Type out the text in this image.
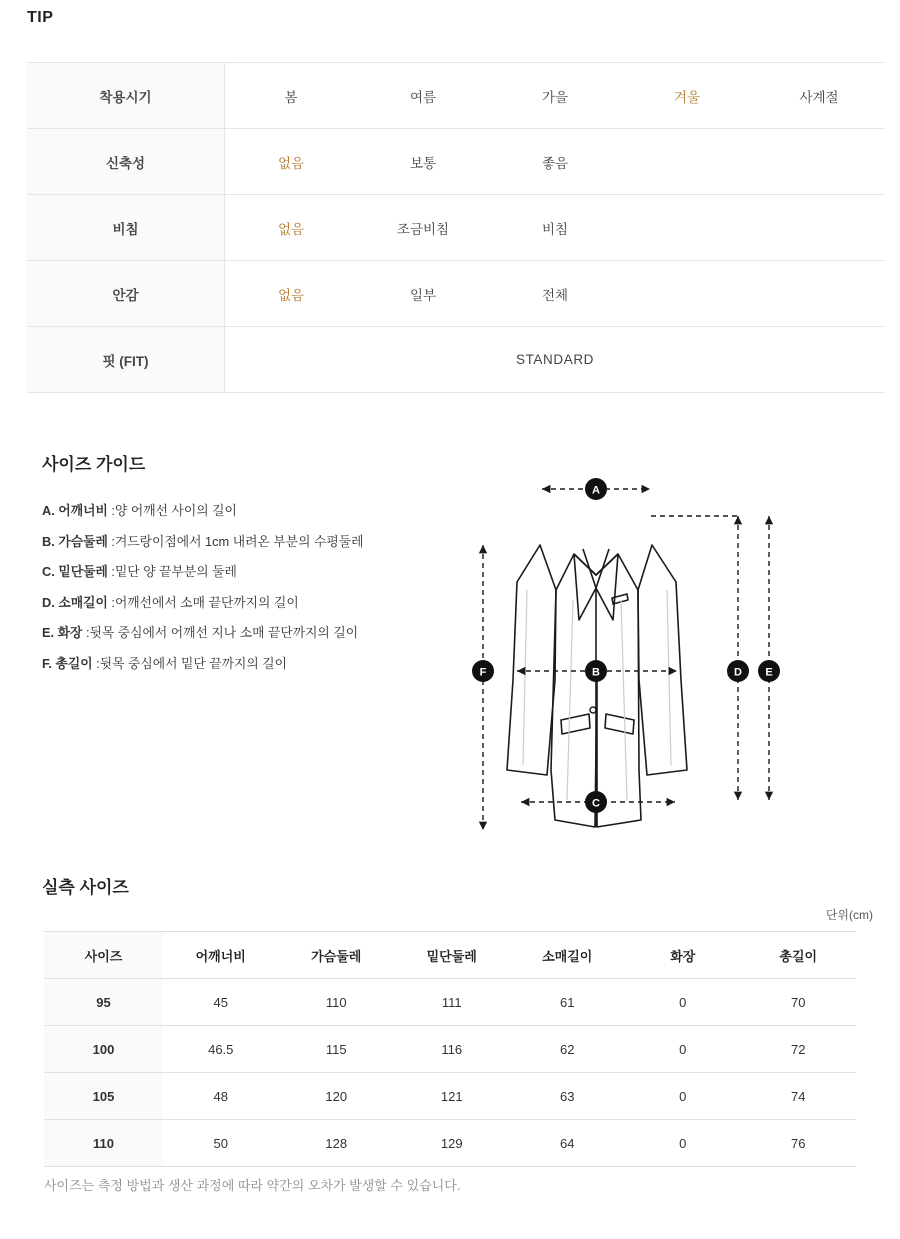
TIP
착용시기	봄	여름	가을	겨울	사계절
신축성	없음	보통	좋음		
비침	없음	조금비침	비침		
안감	없음	일부	전체		
핏 (FIT)	STANDARD				
사이즈 가이드
A. 어깨너비 :양 어깨선 사이의 길이
B. 가슴둘레 :겨드랑이점에서 1cm 내려온 부분의 수평둘레
C. 밑단둘레 :밑단 양 끝부분의 둘레
D. 소매길이 :어깨선에서 소매 끝단까지의 길이
E. 화장 :뒷목 중심에서 어깨선 지나 소매 끝단까지의 길이
F. 총길이 :뒷목 중심에서 밑단 끝까지의 길이
A
B
C
D E
F
실측 사이즈
단위(cm)
사이즈	어깨너비	가슴둘레	밑단둘레	소매길이	화장	총길이
95	45	110	111	61	0	70
100	46.5	115	116	62	0	72
105	48	120	121	63	0	74
110	50	128	129	64	0	76
사이즈는 측정 방법과 생산 과정에 따라 약간의 오차가 발생할 수 있습니다.
